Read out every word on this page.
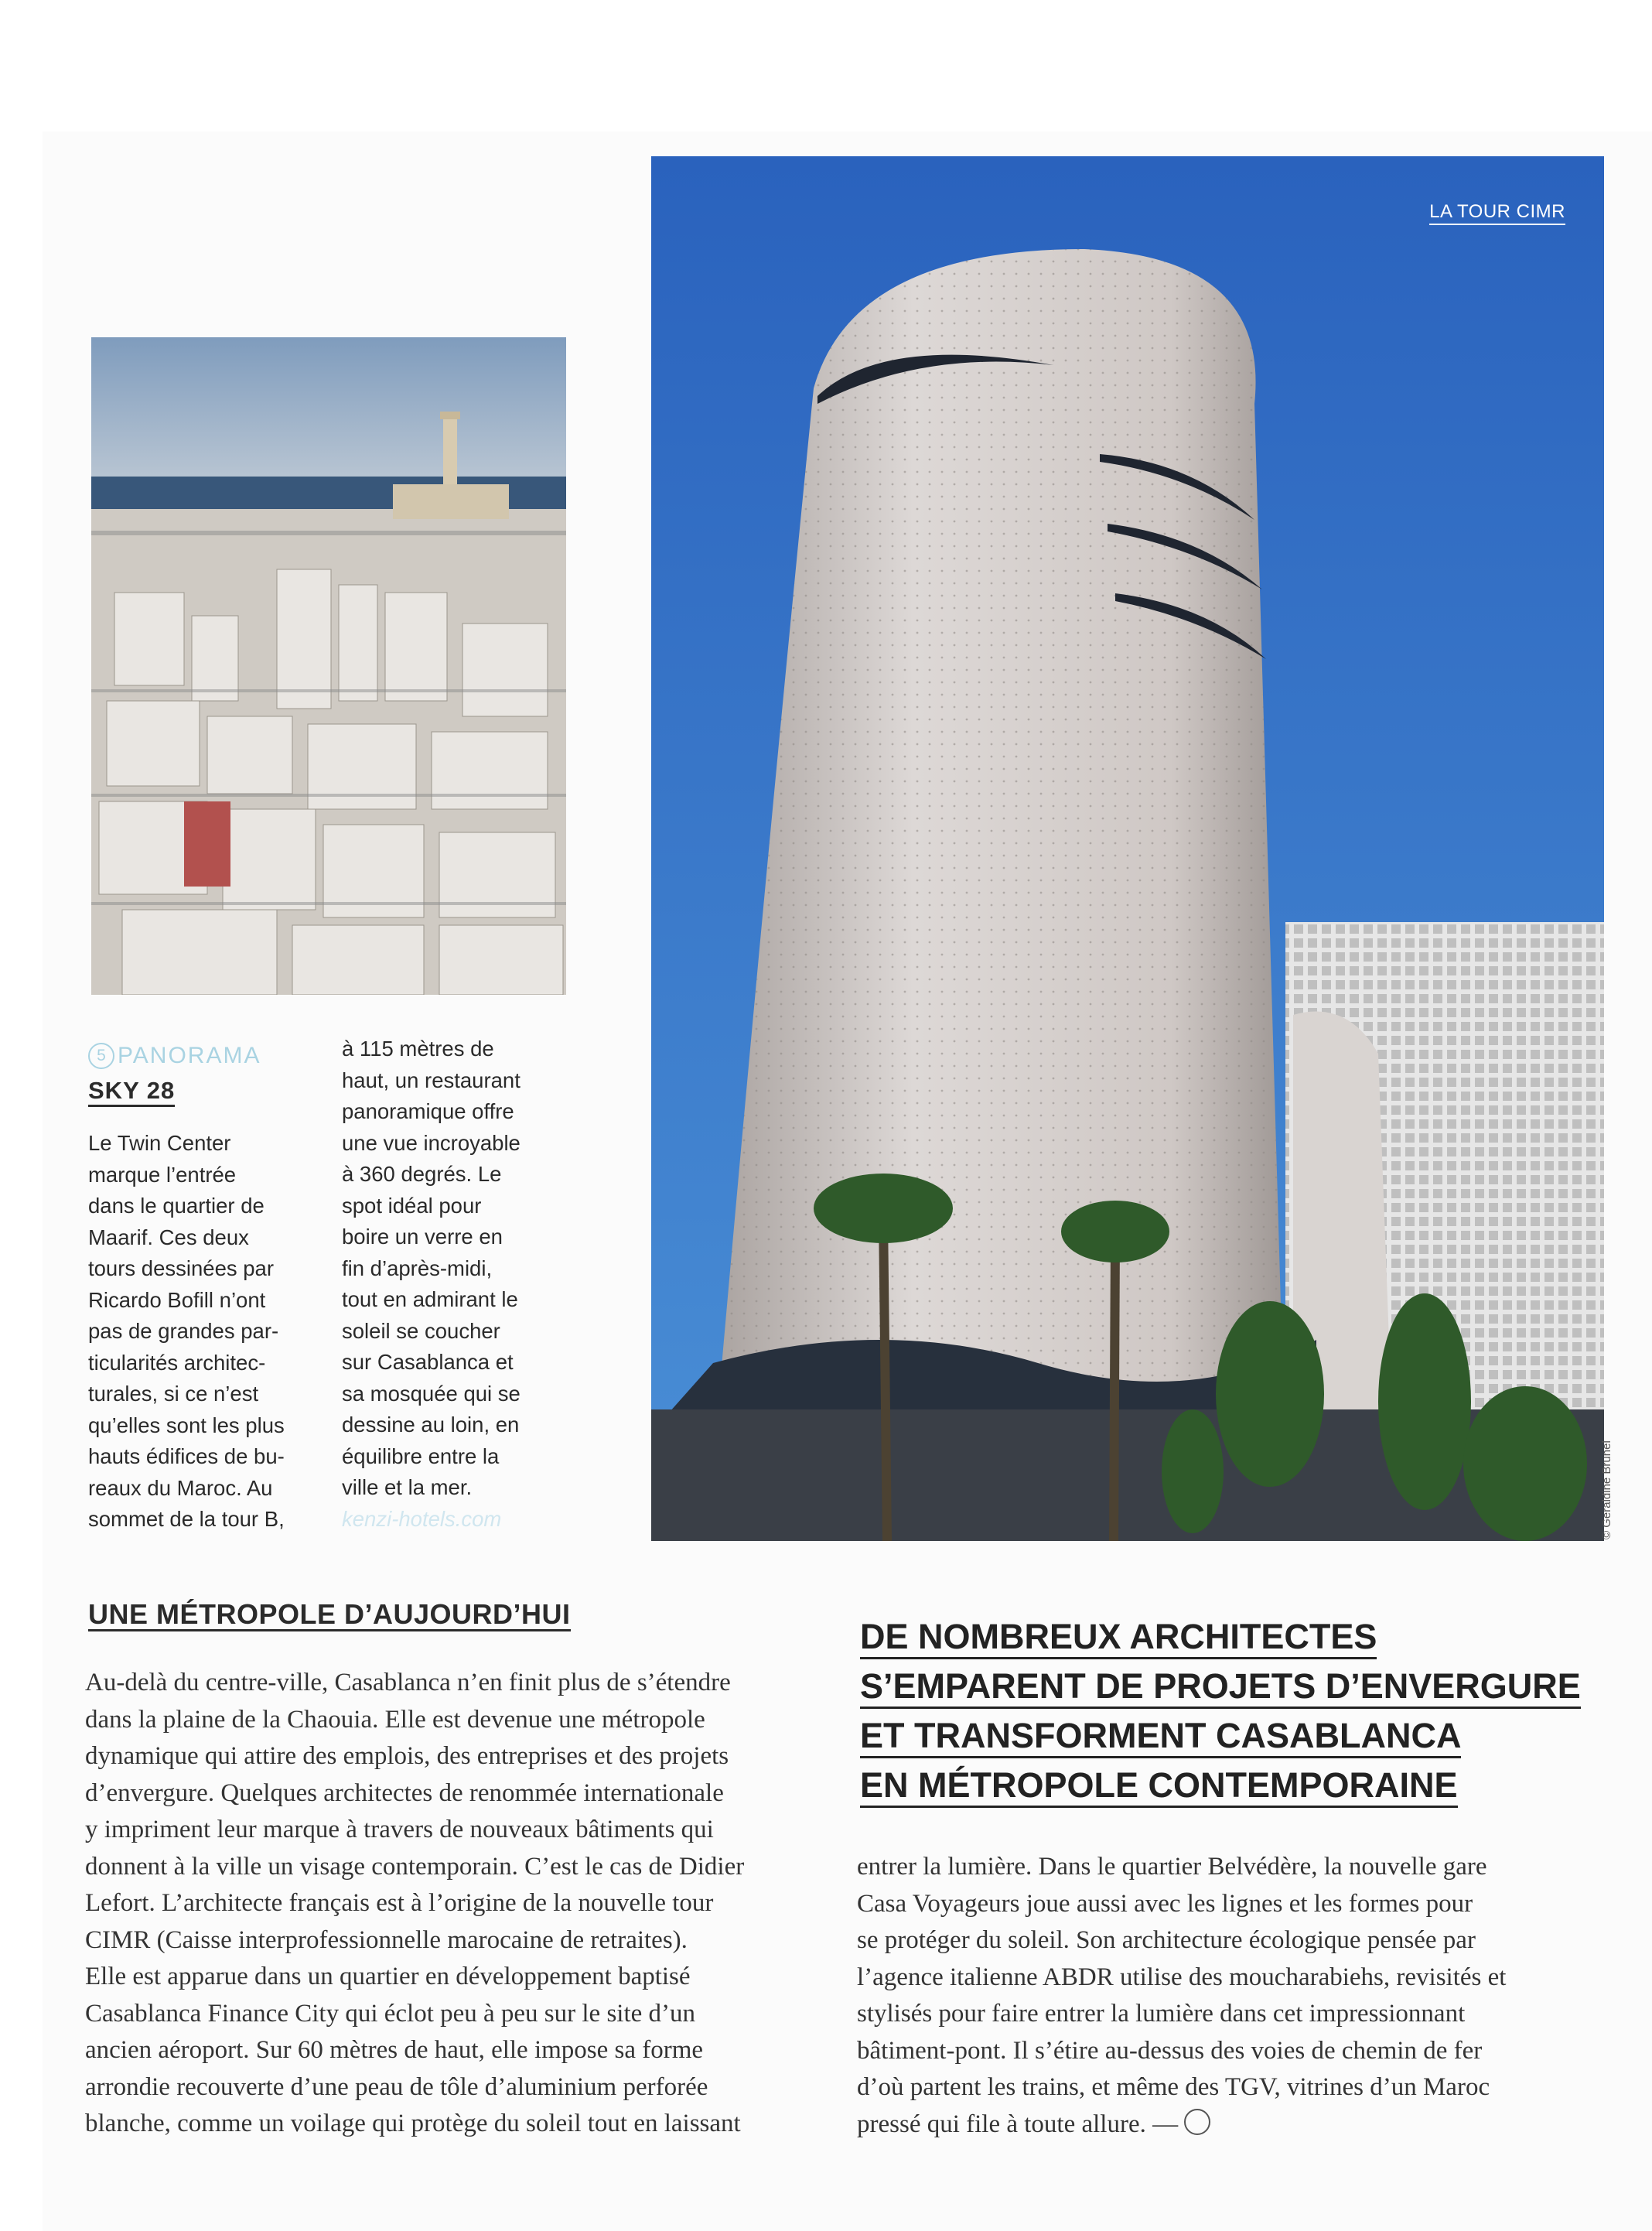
LA TOUR CIMR
© Geraldine Brunel
5 PANORAMA
SKY 28
Le Twin Center
marque l’entrée
dans le quartier de
Maarif. Ces deux
tours dessinées par
Ricardo Bofill n’ont
pas de grandes par-
ticularités architec-
turales, si ce n’est
qu’elles sont les plus
hauts édifices de bu-
reaux du Maroc. Au
sommet de la tour B,
à 115 mètres de
haut, un restaurant
panoramique offre
une vue incroyable
à 360 degrés. Le
spot idéal pour
boire un verre en
fin d’après-midi,
tout en admirant le
soleil se coucher
sur Casablanca et
sa mosquée qui se
dessine au loin, en
équilibre entre la
ville et la mer.
kenzi-hotels.com
UNE MÉTROPOLE D’AUJOURD’HUI
Au-delà du centre-ville, Casablanca n’en finit plus de s’étendre
dans la plaine de la Chaouia. Elle est devenue une métropole
dynamique qui attire des emplois, des entreprises et des projets
d’envergure. Quelques architectes de renommée internationale
y impriment leur marque à travers de nouveaux bâtiments qui
donnent à la ville un visage contemporain. C’est le cas de Didier
Lefort. L’architecte français est à l’origine de la nouvelle tour
CIMR (Caisse interprofessionnelle marocaine de retraites).
Elle est apparue dans un quartier en développement baptisé
Casablanca Finance City qui éclot peu à peu sur le site d’un
ancien aéroport. Sur 60 mètres de haut, elle impose sa forme
arrondie recouverte d’une peau de tôle d’aluminium perforée
blanche, comme un voilage qui protège du soleil tout en laissant
DE NOMBREUX ARCHITECTES
S’EMPARENT DE PROJETS D’ENVERGURE
ET TRANSFORMENT CASABLANCA
EN MÉTROPOLE CONTEMPORAINE
entrer la lumière. Dans le quartier Belvédère, la nouvelle gare
Casa Voyageurs joue aussi avec les lignes et les formes pour
se protéger du soleil. Son architecture écologique pensée par
l’agence italienne ABDR utilise des moucharabiehs, revisités et
stylisés pour faire entrer la lumière dans cet impressionnant
bâtiment-pont. Il s’étire au-dessus des voies de chemin de fer
d’où partent les trains, et même des TGV, vitrines d’un Maroc
pressé qui file à toute allure. —
